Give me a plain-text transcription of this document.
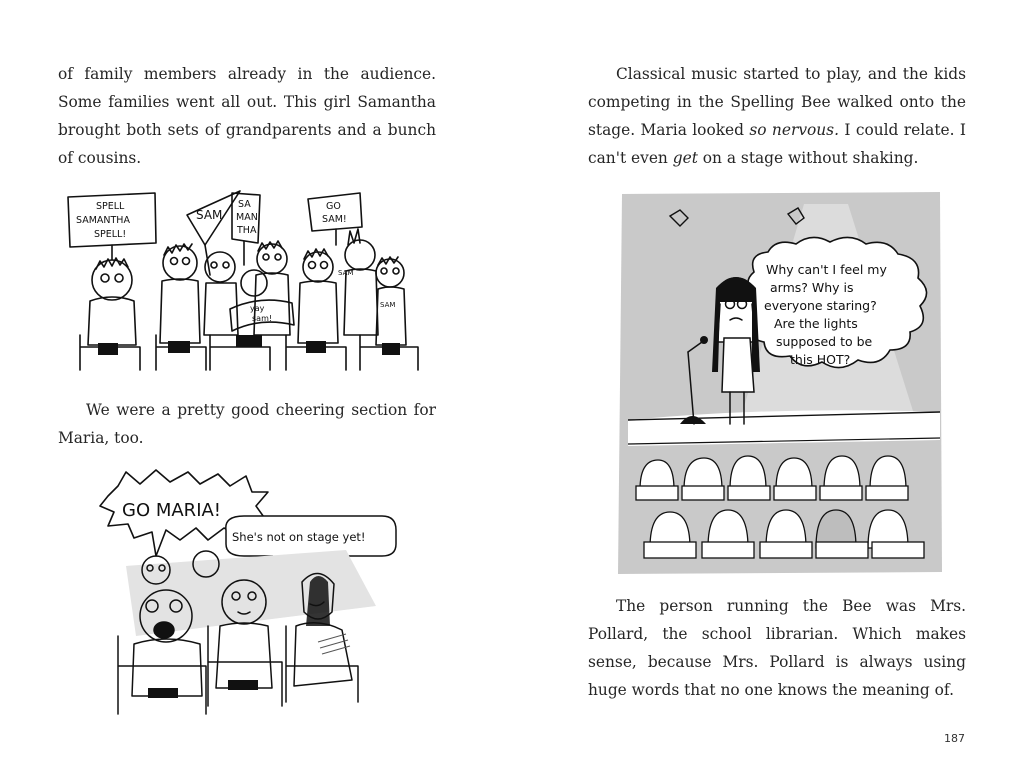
of family members already in the audience. Some families went all out. This girl Samantha brought both sets of grandparents and a bunch of cousins.
SPELL
SAMANTHA
SPELL!
SAM
SA
MAN
THA
GO
SAM!
yay
sam!
SAM
SAM
We were a pretty good cheering section for Maria, too.
GO MARIA!
She's not on stage yet!
Classical music started to play, and the kids competing in the Spelling Bee walked onto the stage. Maria looked so nervous. I could relate. I can't even get on a stage without shaking.
Why can't I feel my
arms? Why is
everyone staring?
Are the lights
supposed to be
this HOT?
The person running the Bee was Mrs. Pollard, the school librarian. Which makes sense, because Mrs. Pollard is always using huge words that no one knows the meaning of.
187
